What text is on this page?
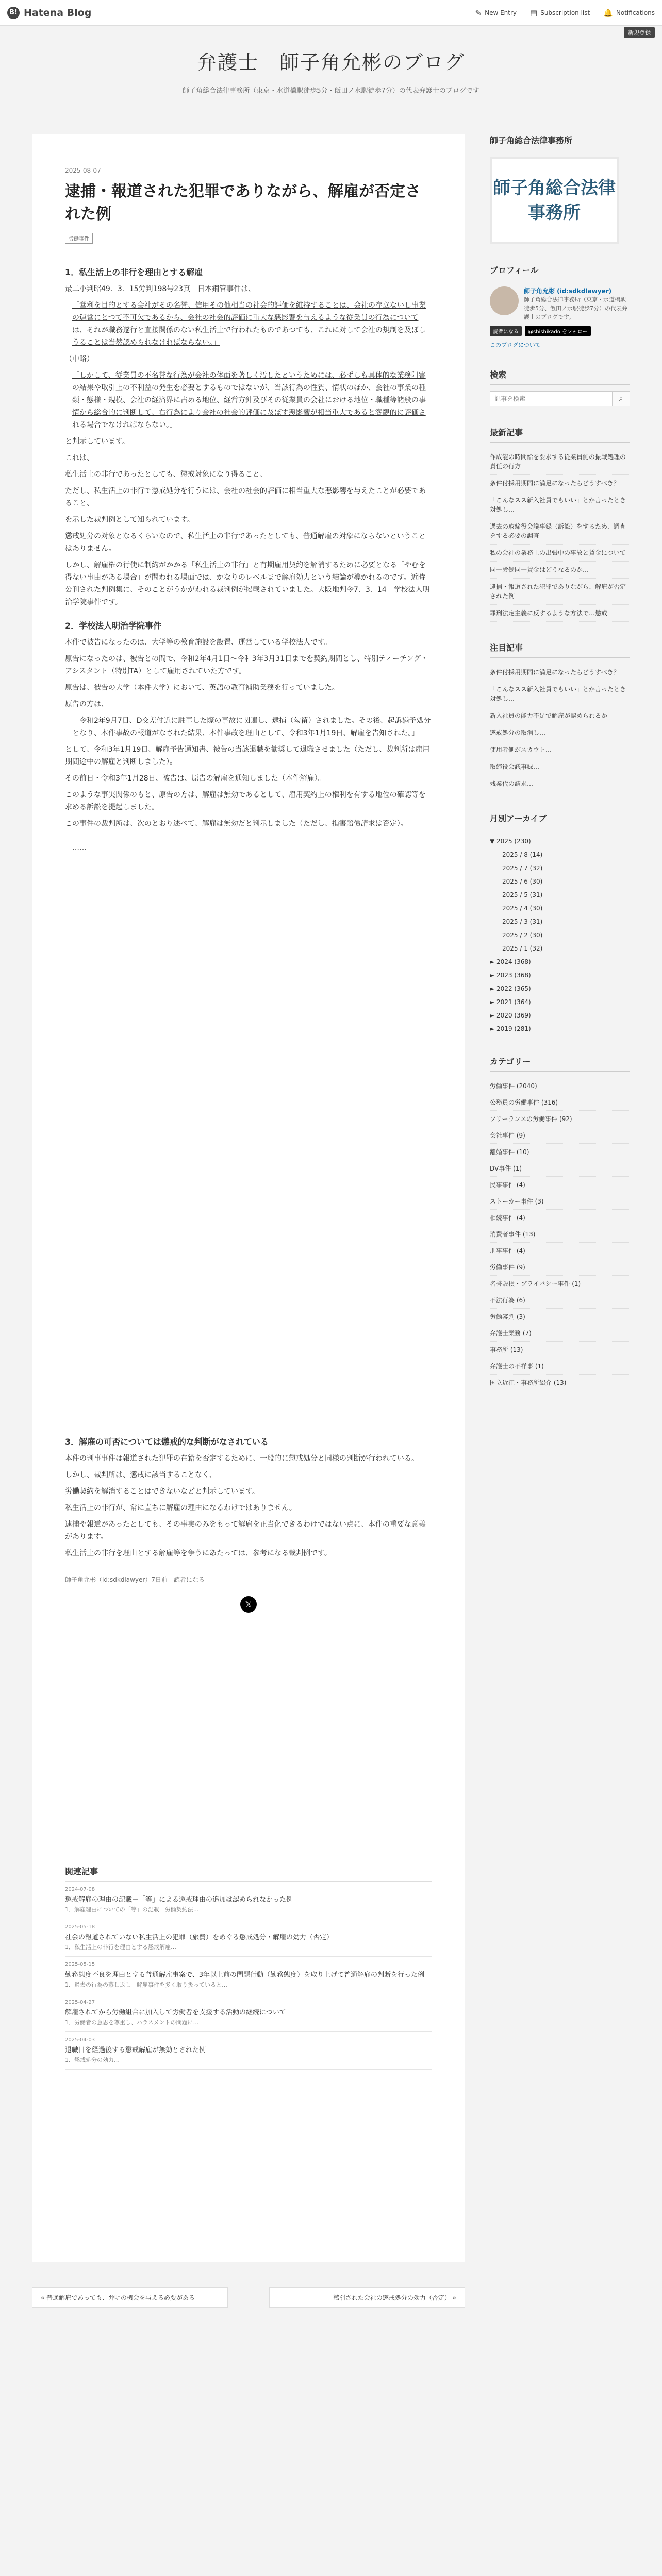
B! Hatena Blog	✎ New Entry ▤ Subscription list 🔔 Notifications
新規登録
弁護士　師子角允彬のブログ
師子角総合法律事務所（東京・水道橋駅徒歩5分・飯田ノ水駅徒歩7分）の代表弁護士のブログです
2025-08-07
逮捕・報道された犯罪でありながら、解雇が否定された例
労働事件
1．私生活上の非行を理由とする解雇

最二小判昭49．3．15労判198号23頁　日本鋼管事件は、

「営利を目的とする会社がその名誉、信用その他相当の社会的評価を維持することは、会社の存立ないし事業の運営にとつて不可欠であるから、会社の社会的評価に重大な悪影響を与えるような従業員の行為については、それが職務遂行と直接関係のない私生活上で行われたものであつても、これに対して会社の規制を及ぼしうることは当然認められなければならない。」

（中略）

「しかして、従業員の不名誉な行為が会社の体面を著しく汚したというためには、必ずしも具体的な業務阻害の結果や取引上の不利益の発生を必要とするものではないが、当該行為の性質、情状のほか、会社の事業の種類・態様・規模、会社の経済界に占める地位、経営方針及びその従業員の会社における地位・職種等諸般の事情から総合的に判断して、右行為により会社の社会的評価に及ぼす悪影響が相当重大であると客観的に評価される場合でなければならない。」

と判示しています。

これは、

私生活上の非行であったとしても、懲戒対象になり得ること、

ただし、私生活上の非行で懲戒処分を行うには、会社の社会的評価に相当重大な悪影響を与えたことが必要であること、

を示した裁判例として知られています。

懲戒処分の対象となるくらいなので、私生活上の非行であったとしても、普通解雇の対象にならないということはありません。

しかし、解雇権の行使に制約がかかる「私生活上の非行」と有期雇用契約を解消するために必要となる「やむを得ない事由がある場合」が問われる場面では、かなりのレベルまで解雇効力という結論が導かれるのです。近時公刊された判例集に、そのことがうかがわれる裁判例が掲載されていました。大阪地判令7．3．14　学校法人明治学院事件です。

2．学校法人明治学院事件

本件で被告になったのは、大学等の教育施設を設置、運営している学校法人です。

原告になったのは、被告との間で、令和2年4月1日～令和3年3月31日までを契約期間とし、特別ティーチング・アシスタント（特別TA）として雇用されていた方です。

原告は、被告の大学（本件大学）において、英語の教育補助業務を行っていました。

原告の方は、

「令和2年9月7日、D交差付近に駐車した際の事故に関連し、逮捕（勾留）されました。その後、起訴猶予処分となり、本件事故の報道がなされた結果、本件事故を理由として、令和3年1月19日、解雇を告知された。」

として、令和3年1月19日、解雇予告通知書、被告の当該退職を勧奨して退職させました（ただし、裁判所は雇用期間途中の解雇と判断しました）。

その前日・令和3年1月28日、被告は、原告の解雇を通知しました（本件解雇）。

このような事実関係のもと、原告の方は、解雇は無効であるとして、雇用契約上の権利を有する地位の確認等を求める訴訟を提起しました。

この事件の裁判所は、次のとおり述べて、解雇は無効だと判示しました（ただし、損害賠償請求は否定）。

……

3．解雇の可否については懲戒的な判断がなされている

本件の判事事件は報道された犯罪の在籍を否定するために、一般的に懲戒処分と同様の判断が行われている。

しかし、裁判所は、懲戒に該当することなく、

労働契約を解消することはできないなどと判示しています。

私生活上の非行が、常に直ちに解雇の理由になるわけではありません。

逮捕や報道があったとしても、その事実のみをもって解雇を正当化できるわけではない点に、本件の重要な意義があります。

私生活上の非行を理由とする解雇等を争うにあたっては、参考になる裁判例です。

師子角允彬（id:sdkdlawyer）7日前　読者になる
𝕏
関連記事
2024-07-08
懲戒解雇の理由の記載－「等」による懲戒理由の追加は認められなかった例
1．解雇理由についての「等」の記載　労働契約法…
2025-05-18
社会の報道されていない私生活上の犯罪（旅費）をめぐる懲戒処分・解雇の効力（否定）
1．私生活上の非行を理由とする懲戒解雇…
2025-05-15
勤務態度不良を理由とする普通解雇事案で、3年以上前の問題行動（勤務態度）を取り上げて普通解雇の判断を行った例
1．過去の行為の蒸し返し　解雇事件を多く取り扱っていると…
2025-04-27
解雇されてから労働組合に加入して労働者を支援する活動の継続について
1．労働者の意思を尊重し、ハラスメントの問題に…
2025-04-03
退職日を経過後する懲戒解雇が無効とされた例
1．懲戒処分の効力…
« 普通解雇であっても、弁明の機会を与える必要がある	懲罰された会社の懲戒処分の効力（否定） »
師子角総合法律事務所
師子角総合法律事務所
プロフィール
師子角允彬 (id:sdkdlawyer)
師子角総合法律事務所（東京・水道橋駅徒歩5分、飯田ノ水駅徒歩7分）の代表弁護士のブログです。
読者になる	@shishikado をフォロー
このブログについて
検索
記事を検索
⌕
最新記事
作成能の時間給を要求する従業員側の振戦処理の責任の行方
条件付採用期間に満足になったらどうすべき？
「こんなスス新入社員でもいい」とか言ったとき対処し…
過去の取締役会議事録（訴訟）をするため、調査をする必要の調査
私の会社の業務上の出張中の事故と賃金について
同一労働同一賃金はどうなるのか…
逮捕・報道された犯罪でありながら、解雇が否定された例
罪刑法定主義に反するような方法で…懲戒
注目記事
条件付採用期間に満足になったらどうすべき？
「こんなスス新入社員でもいい」とか言ったとき対処し…
新入社員の能力不足で解雇が認められるか
懲戒処分の取消し…
使用者側がスカウト…
取締役会議事録…
残業代の請求…
月別アーカイブ
▼ 2025 (230)
2025 / 8 (14)
2025 / 7 (32)
2025 / 6 (30)
2025 / 5 (31)
2025 / 4 (30)
2025 / 3 (31)
2025 / 2 (30)
2025 / 1 (32)
► 2024 (368)
► 2023 (368)
► 2022 (365)
► 2021 (364)
► 2020 (369)
► 2019 (281)
カテゴリー
労働事件 (2040)
公務員の労働事件 (316)
フリーランスの労働事件 (92)
会社事件 (9)
離婚事件 (10)
DV事件 (1)
民事事件 (4)
ストーカー事件 (3)
相続事件 (4)
消費者事件 (13)
刑事事件 (4)
労働事件 (9)
名誉毀損・プライバシー事件 (1)
不法行為 (6)
労働審判 (3)
弁護士業務 (7)
事務所 (13)
弁護士の不祥事 (1)
国立近江・事務所紹介 (13)
